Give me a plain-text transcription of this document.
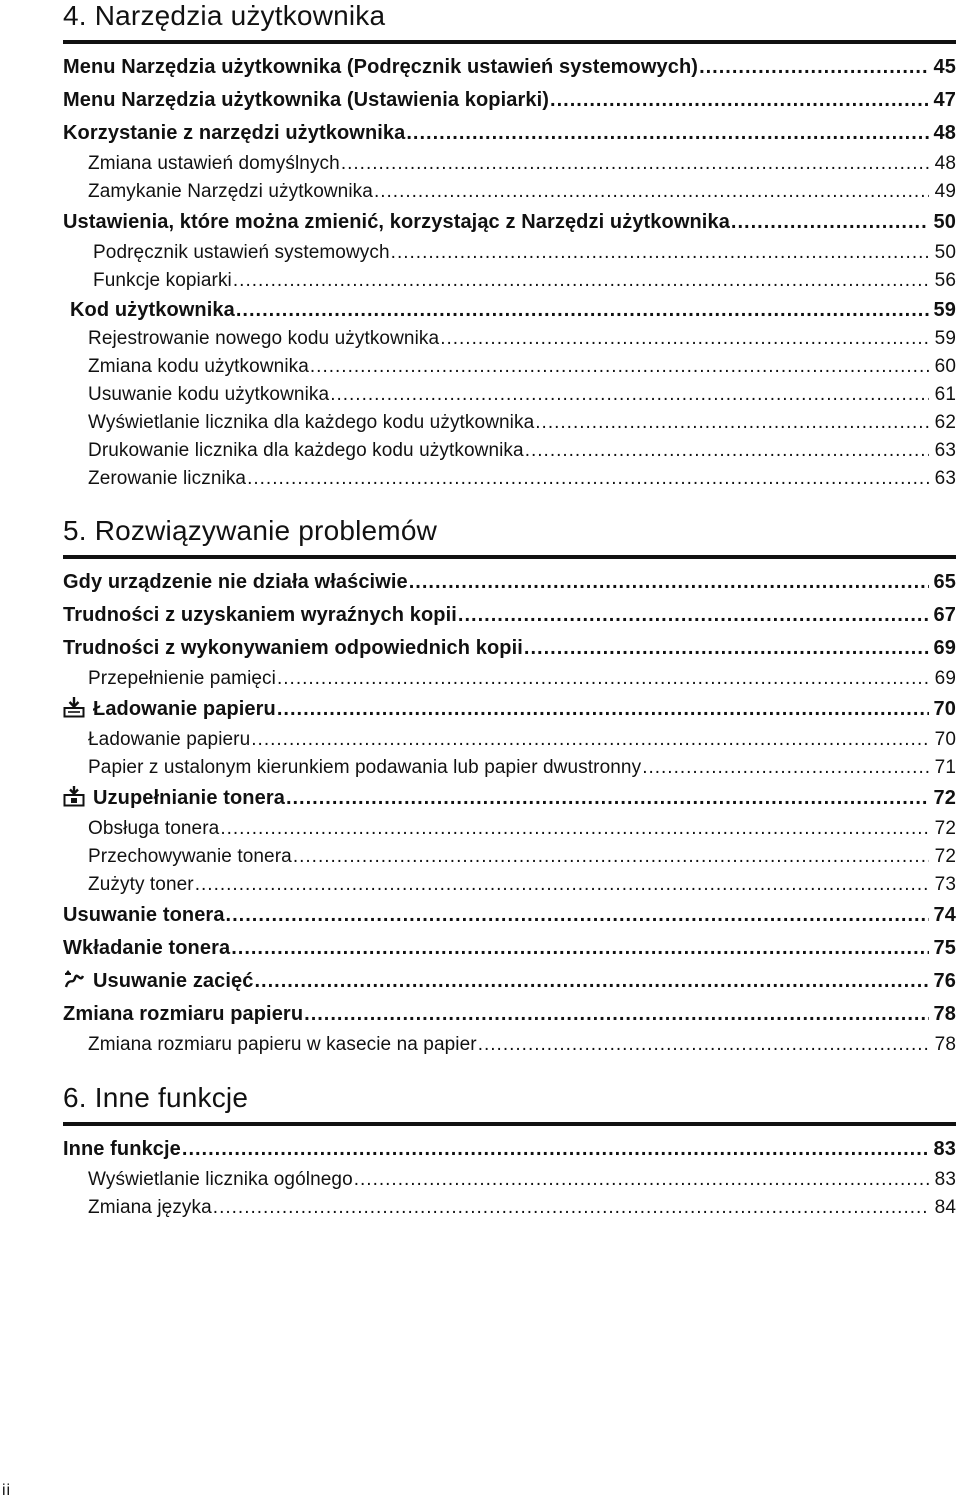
4. Narzędzia użytkownika
Menu Narzędzia użytkownika (Podręcznik ustawień systemowych) .....	45
Menu Narzędzia użytkownika (Ustawienia kopiarki) .....	47
Korzystanie z narzędzi użytkownika .....	48
Zmiana ustawień domyślnych .....	48
Zamykanie Narzędzi użytkownika .....	49
Ustawienia, które można zmienić, korzystając z Narzędzi użytkownika .....	50
Podręcznik ustawień systemowych .....	50
Funkcje kopiarki .....	56
Kod użytkownika .....	59
Rejestrowanie nowego kodu użytkownika .....	59
Zmiana kodu użytkownika .....	60
Usuwanie kodu użytkownika .....	61
Wyświetlanie licznika dla każdego kodu użytkownika .....	62
Drukowanie licznika dla każdego kodu użytkownika .....	63
Zerowanie licznika .....	63
5. Rozwiązywanie problemów
Gdy urządzenie nie działa właściwie .....	65
Trudności z uzyskaniem wyraźnych kopii .....	67
Trudności z wykonywaniem odpowiednich kopii .....	69
Przepełnienie pamięci .....	69
Ładowanie papieru .....	70
Ładowanie papieru .....	70
Papier z ustalonym kierunkiem podawania lub papier dwustronny .....	71
Uzupełnianie tonera .....	72
Obsługa tonera .....	72
Przechowywanie tonera .....	72
Zużyty toner .....	73
Usuwanie tonera .....	74
Wkładanie tonera .....	75
Usuwanie zacięć .....	76
Zmiana rozmiaru papieru .....	78
Zmiana rozmiaru papieru w kasecie na papier .....	78
6. Inne funkcje
Inne funkcje .....	83
Wyświetlanie licznika ogólnego .....	83
Zmiana języka .....	84
ii
